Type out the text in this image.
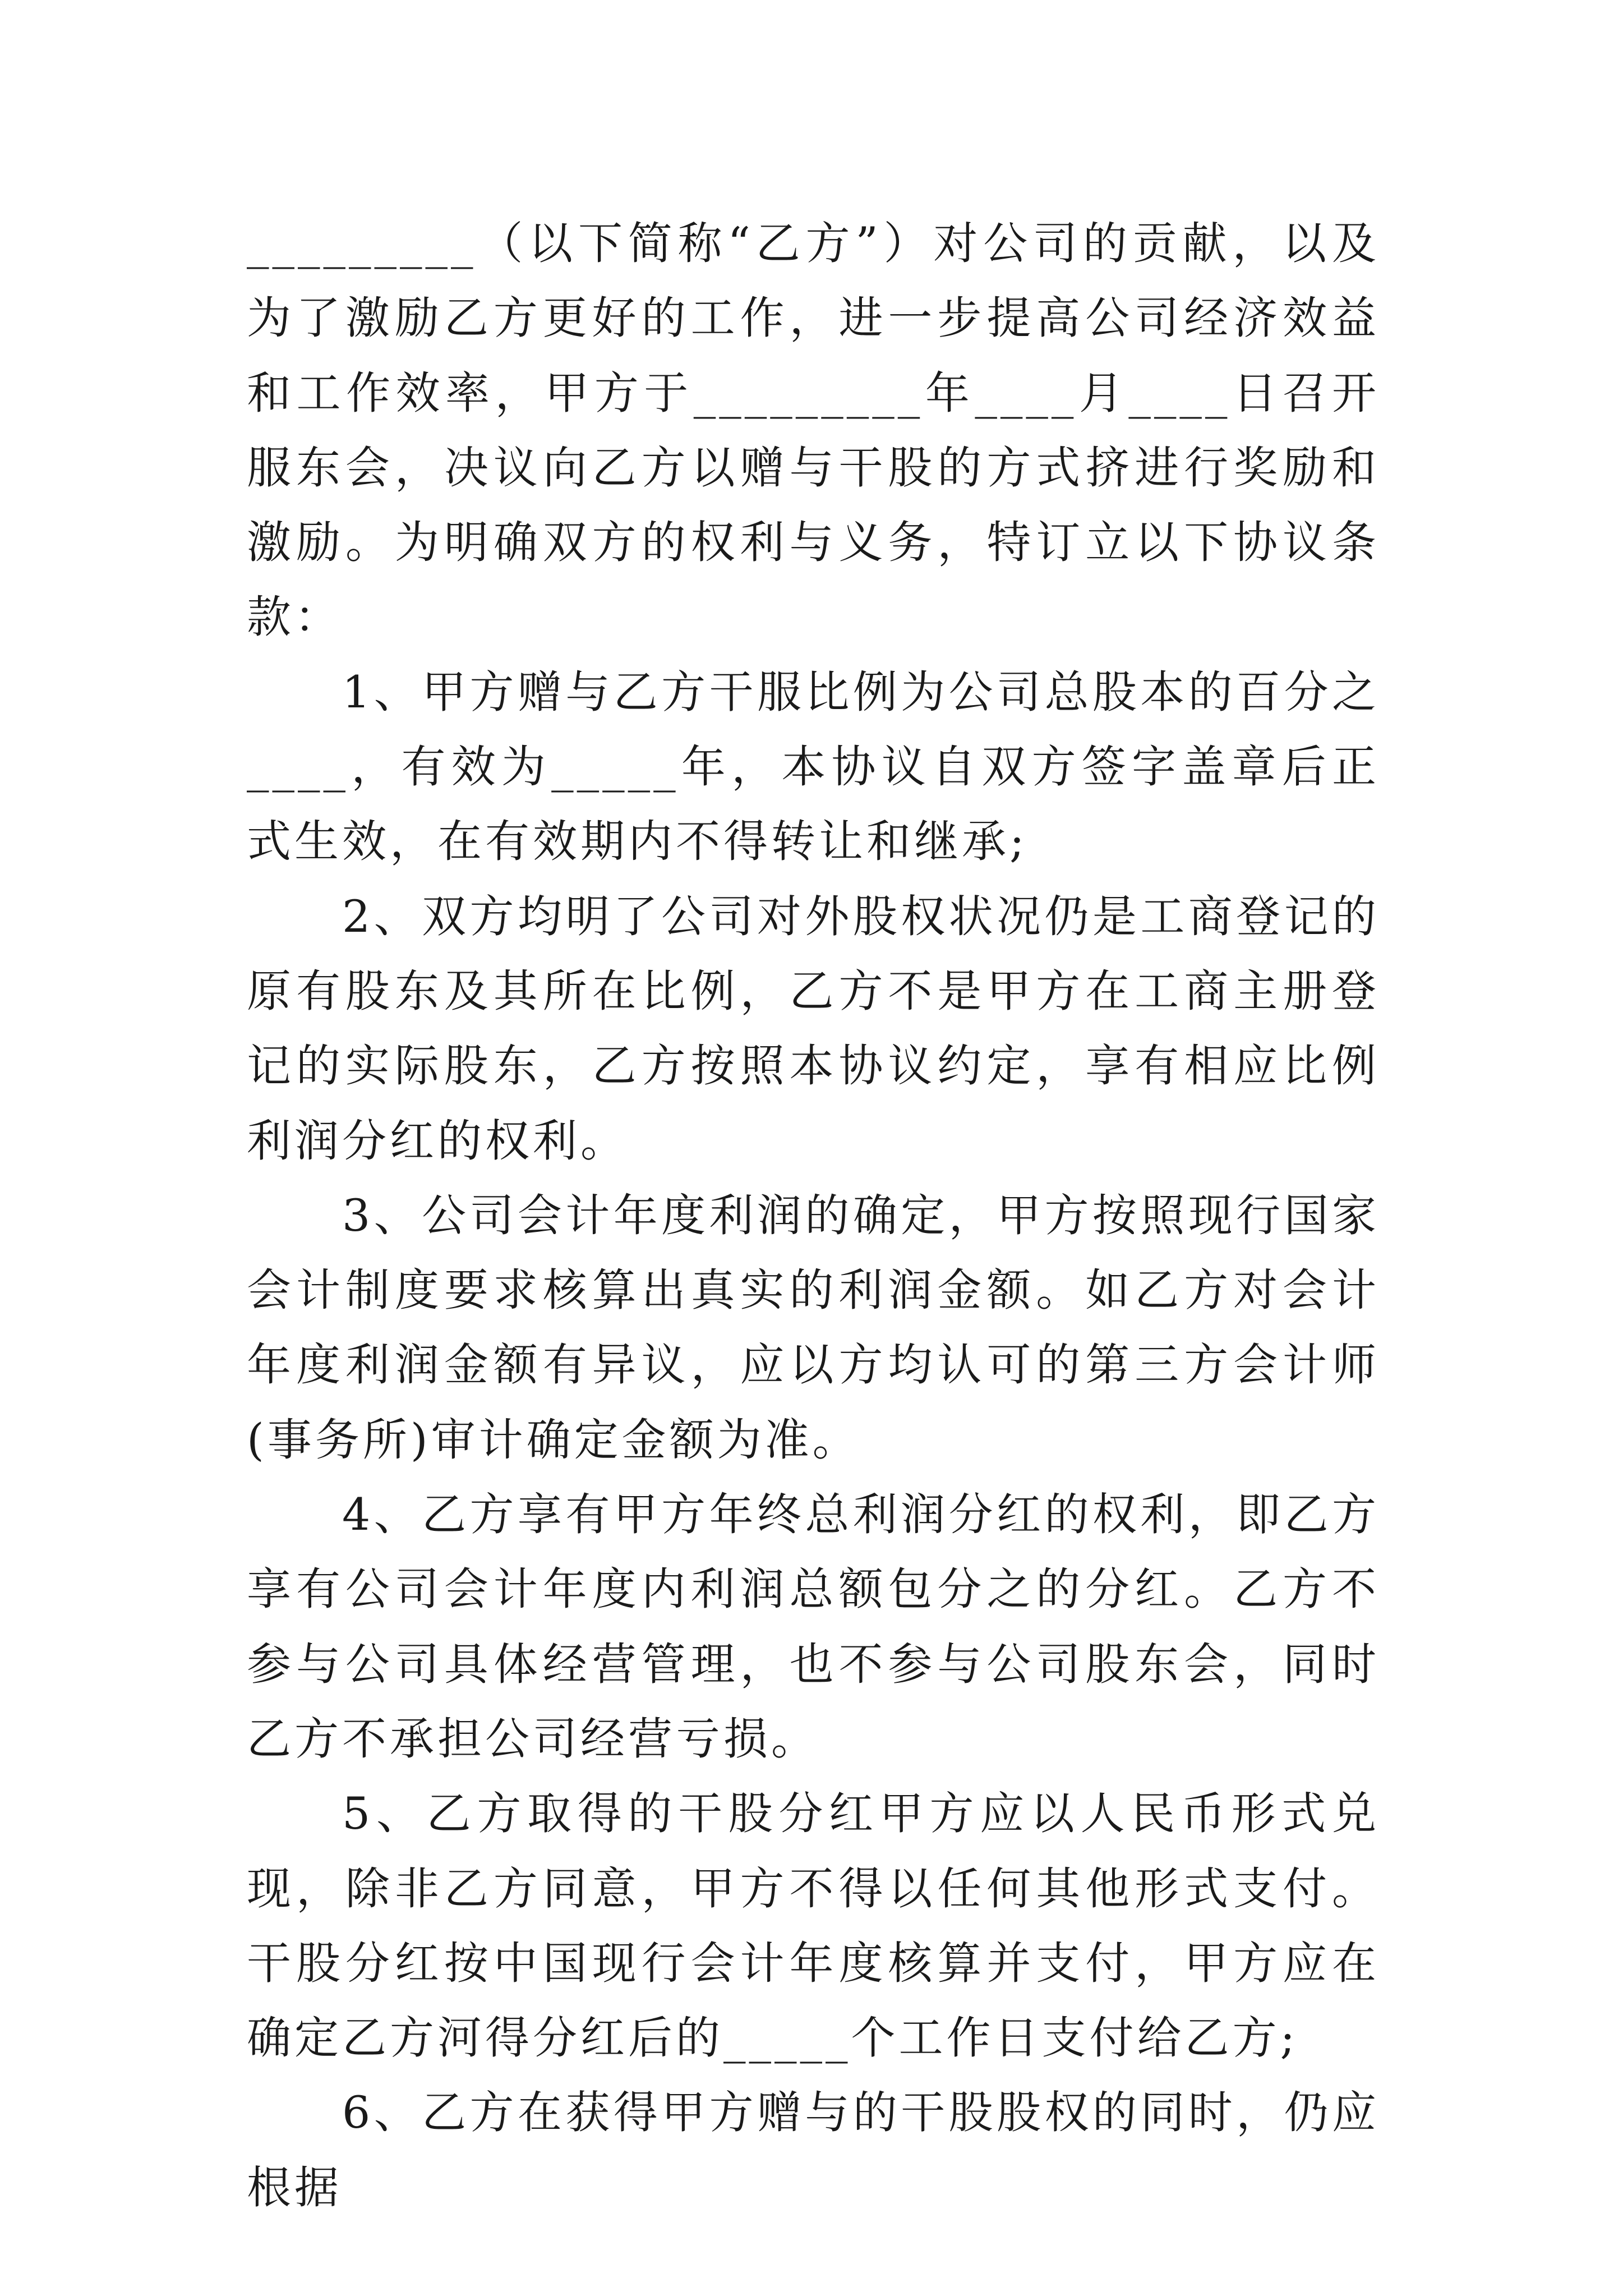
_________（以下简称“乙方”）对公司的贡献，以及为了激励乙方更好的工作，进一步提高公司经济效益和工作效率，甲方于_________年____月____日召开服东会，决议向乙方以赠与干股的方式挤进行奖励和激励。为明确双方的权利与义务，特订立以下协议条款：

1、甲方赠与乙方干服比例为公司总股本的百分之____，有效为_____年，本协议自双方签字盖章后正式生效，在有效期内不得转让和继承;

2、双方均明了公司对外股权状况仍是工商登记的原有股东及其所在比例，乙方不是甲方在工商主册登记的实际股东，乙方按照本协议约定，享有相应比例利润分红的权利。

3、公司会计年度利润的确定，甲方按照现行国家会计制度要求核算出真实的利润金额。如乙方对会计年度利润金额有异议，应以方均认可的第三方会计师(事务所)审计确定金额为准。

4、乙方享有甲方年终总利润分红的权利，即乙方享有公司会计年度内利润总额包分之的分红。乙方不参与公司具体经营管理，也不参与公司股东会，同时乙方不承担公司经营亏损。

5、乙方取得的干股分红甲方应以人民币形式兑现，除非乙方同意，甲方不得以任何其他形式支付。干股分红按中国现行会计年度核算并支付，甲方应在确定乙方河得分红后的_____个工作日支付给乙方;

6、乙方在获得甲方赠与的干股股权的同时，仍应根据
